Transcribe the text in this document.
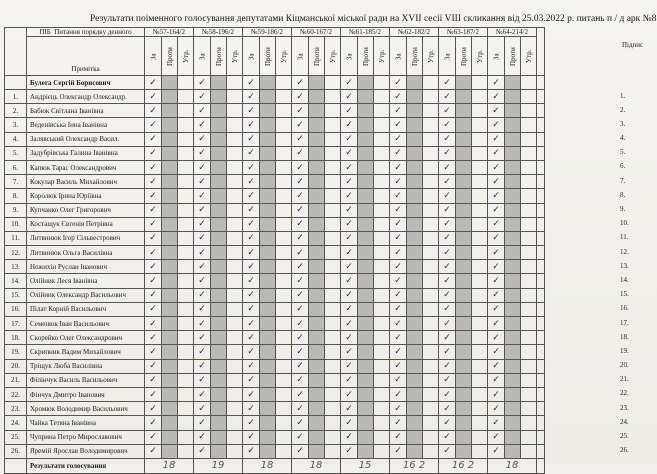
Результати поіменного голосування депутатами Кіцманської міської ради на XVII сесії VIII скликання від 25.03.2022 р. питань п / д арк №8
	ПІБ Питання порядку денного	№57-164/2			№58-196/2			№59-186/2			№60-167/2			№61-185/2			№62-182/2			№63-187/2			№64-214/2			
	Примітка	За	Проти	Утр.	За	Проти	Утр.	За	Проти	Утр.	За	Проти	Утр.	За	Проти	Утр.	За	Проти	Утр.	За	Проти	Утр.	За	Проти	Утр.	
	Булега Сергій Борисович	✓			✓			✓			✓			✓			✓			✓			✓			
1.	Андрієць Олександр Олександр.	✓			✓			✓			✓			✓			✓			✓			✓			
2.	Бабюк Світлана Іванівна	✓			✓			✓			✓			✓			✓			✓			✓			
3.	Веденівська Інна Іванівна	✓			✓			✓			✓			✓			✓			✓			✓			
4.	Залявський Олександр Васил.	✓			✓			✓			✓			✓			✓			✓			✓			
5.	Задубрівська Галина Іванівна	✓			✓			✓			✓			✓			✓			✓			✓			
6.	Капюк Тарас Олександрович	✓			✓			✓			✓			✓			✓			✓			✓			
7.	Кокулар Василь Михайлович	✓			✓			✓			✓			✓			✓			✓			✓			
8.	Королюк Ірина Юріївна	✓			✓			✓			✓			✓			✓			✓			✓			
9.	Купчанко Олег Григорович	✓			✓			✓			✓			✓			✓			✓			✓			
10.	Костащук Євгенія Петрівна	✓			✓			✓			✓			✓			✓			✓			✓			
11.	Литвинюк Ігор Сільвестрович	✓			✓			✓			✓			✓			✓			✓			✓			
12.	Литвинюк Ольга Василівна	✓			✓			✓			✓			✓			✓			✓			✓			
13.	Ножихін Руслан Іванович	✓			✓			✓			✓			✓			✓			✓			✓			
14.	Олійник Леся Іванівна	✓			✓			✓			✓			✓			✓			✓			✓			
15.	Олійник Олександр Васильович	✓			✓			✓			✓			✓			✓			✓			✓			
16.	Пілат Корній Васильович	✓			✓			✓			✓			✓			✓			✓			✓			
17.	Семенюк Іван Васильович	✓			✓			✓			✓			✓			✓			✓			✓			
18.	Скорейко Олег Олександрович	✓			✓			✓			✓			✓			✓			✓			✓			
19.	Скрипник Вадим Михайлович	✓			✓			✓			✓			✓			✓			✓			✓			
20.	Тріщук Люба Василівна	✓			✓			✓			✓			✓			✓			✓			✓			
21.	Філінчук Василь Васильович	✓			✓			✓			✓			✓			✓			✓			✓			
22.	Фінчук Дмитро Іванович	✓			✓			✓			✓			✓			✓			✓			✓			
23.	Хромюк Володимир Васильович	✓			✓			✓			✓			✓			✓			✓			✓			
24.	Чайка Тетяна Іванівна	✓			✓			✓			✓			✓			✓			✓			✓			
25.	Чуприна Петро Мирославович	✓			✓			✓			✓			✓			✓			✓			✓			
26.	Яремій Ярослав Володимирович	✓			✓			✓			✓			✓			✓			✓			✓			
	Результати голосування	18			19			18			18			15			16 2			16 2			18			
Підпис
1.
2.
3.
4.
5.
6.
7.
8.
9.
10.
11.
12.
13.
14.
15.
16.
17.
18.
19.
20.
21.
22.
23.
24.
25.
26.
